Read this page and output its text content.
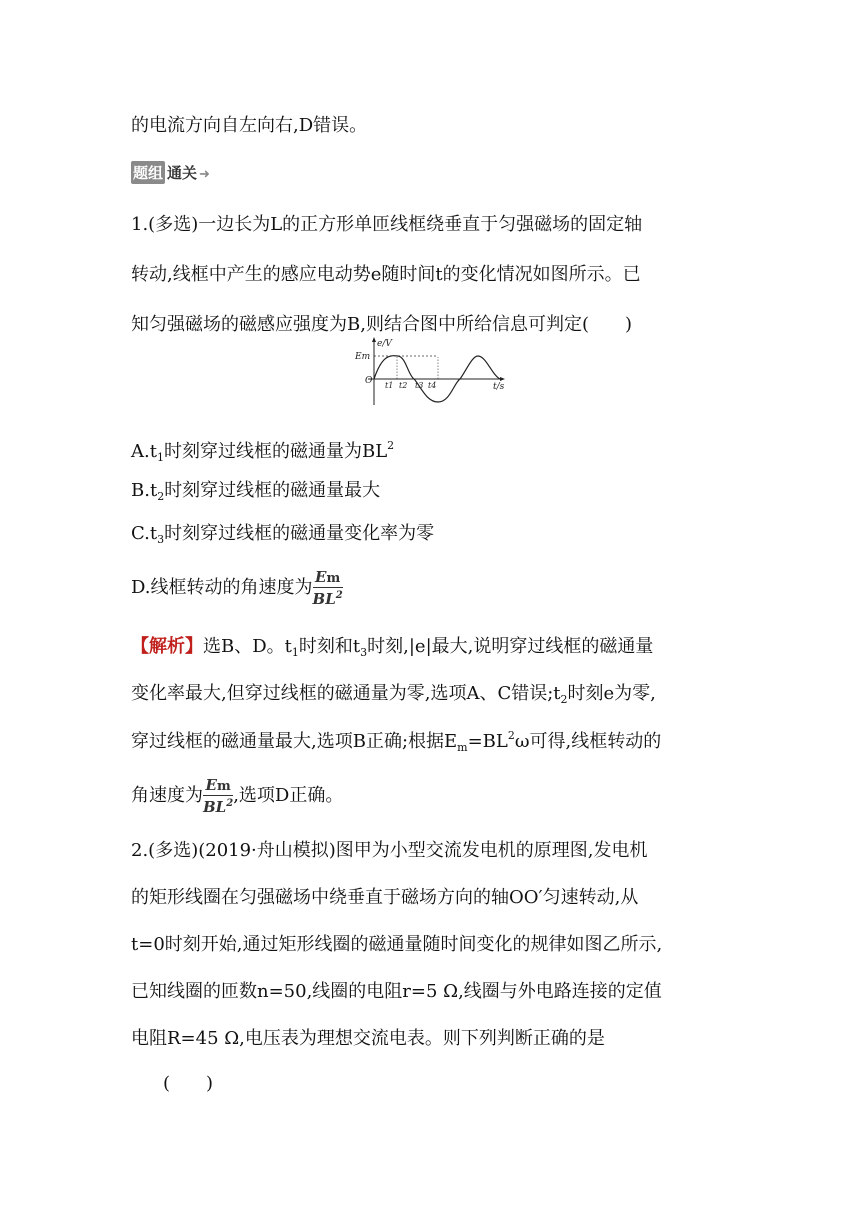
的电流方向自左向右,D错误。
题组 通关 ➜
1.(多选)一边长为L的正方形单匝线框绕垂直于匀强磁场的固定轴
转动,线框中产生的感应电动势e随时间t的变化情况如图所示。已
知匀强磁场的磁感应强度为B,则结合图中所给信息可判定(　　)
e/V
Em
O
t/s
t1 t2 t3 t4
$A.t_1$时刻穿过线框的磁通量为$BL^2$
$B.t_2$时刻穿过线框的磁通量最大
$C.t_3$时刻穿过线框的磁通量变化率为零
D.线框转动的角速度为 $\frac{Em}{BL^2}$
【解析】选B、D。$t_1$时刻和$t_3$时刻,|e|最大,说明穿过线框的磁通量
变化率最大,但穿过线框的磁通量为零,选项A、C错误$;t_2$时刻e为零,
穿过线框的磁通量最大,选项B正确;根据$E_m=BL^2\omega$可得,线框转动的
角速度为 $\frac{Em}{BL^2}$ ,选项D正确。
2.(多选)(2019·舟山模拟)图甲为小型交流发电机的原理图,发电机
的矩形线圈在匀强磁场中绕垂直于磁场方向的轴OO′匀速转动,从
t=0时刻开始,通过矩形线圈的磁通量随时间变化的规律如图乙所示,
已知线圈的匝数n=50,线圈的电阻r=5 Ω,线圈与外电路连接的定值
电阻R=45 Ω,电压表为理想交流电表。则下列判断正确的是
(　　)
